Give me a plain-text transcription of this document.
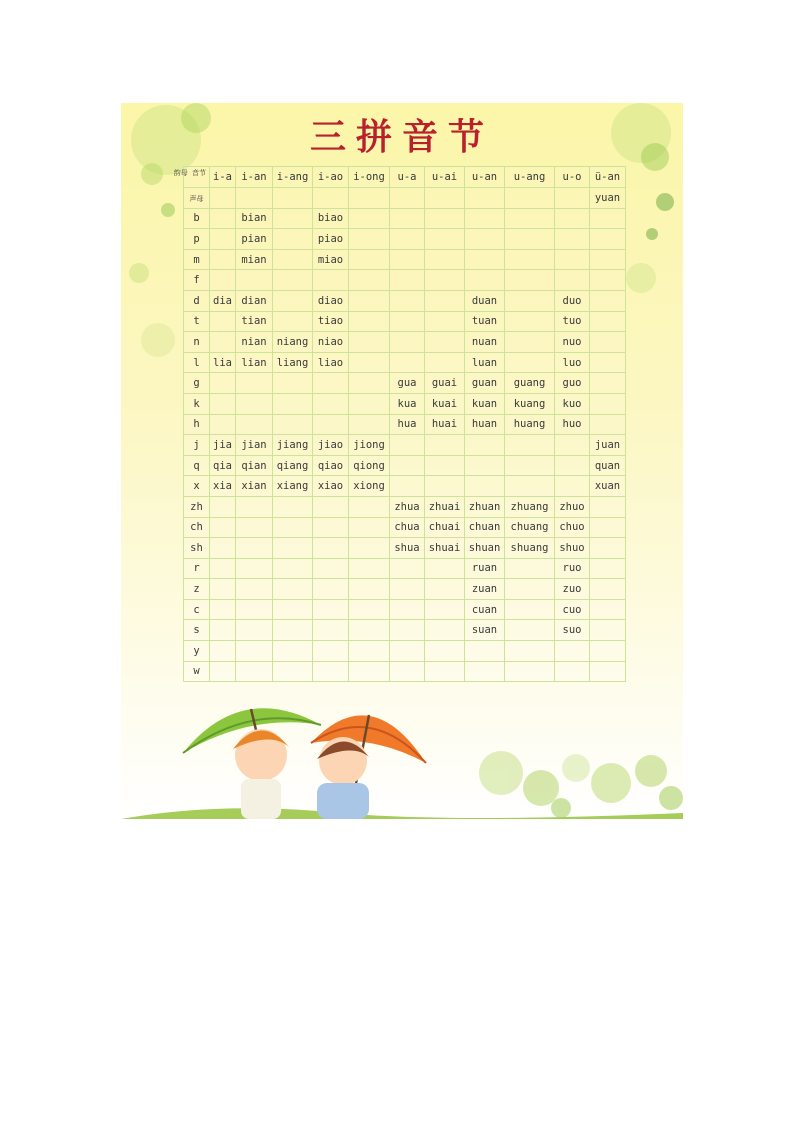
三拼音节
韵母 音节	i-a	i-an	i-ang	i-ao	i-ong	u-a	u-ai	u-an	u-ang	u-o	ü-an
声母											yuan
b		bian		biao							
p		pian		piao							
m		mian		miao							
f											
d	dia	dian		diao				duan		duo	
t		tian		tiao				tuan		tuo	
n		nian	niang	niao				nuan		nuo	
l	lia	lian	liang	liao				luan		luo	
g						gua	guai	guan	guang	guo	
k						kua	kuai	kuan	kuang	kuo	
h						hua	huai	huan	huang	huo	
j	jia	jian	jiang	jiao	jiong						juan
q	qia	qian	qiang	qiao	qiong						quan
x	xia	xian	xiang	xiao	xiong						xuan
zh						zhua	zhuai	zhuan	zhuang	zhuo	
ch						chua	chuai	chuan	chuang	chuo	
sh						shua	shuai	shuan	shuang	shuo	
r								ruan		ruo	
z								zuan		zuo	
c								cuan		cuo	
s								suan		suo	
y											
w											
